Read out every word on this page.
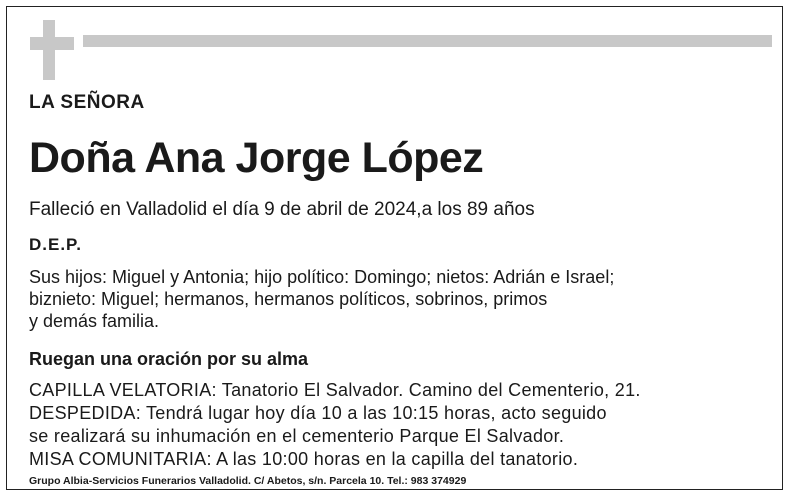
LA SEÑORA
Doña Ana Jorge López
Falleció en Valladolid el día 9 de abril de 2024,a los 89 años
D.E.P.
Sus hijos: Miguel y Antonia; hijo político: Domingo; nietos: Adrián e Israel;
biznieto: Miguel; hermanos, hermanos políticos, sobrinos, primos
y demás familia.
Ruegan una oración por su alma
CAPILLA VELATORIA: Tanatorio El Salvador. Camino del Cementerio, 21.
DESPEDIDA: Tendrá lugar hoy día 10 a las 10:15 horas, acto seguido
se realizará su inhumación en el cementerio Parque El Salvador.
MISA COMUNITARIA: A las 10:00 horas en la capilla del tanatorio.
Grupo Albia-Servicios Funerarios Valladolid. C/ Abetos, s/n. Parcela 10. Tel.: 983 374929
